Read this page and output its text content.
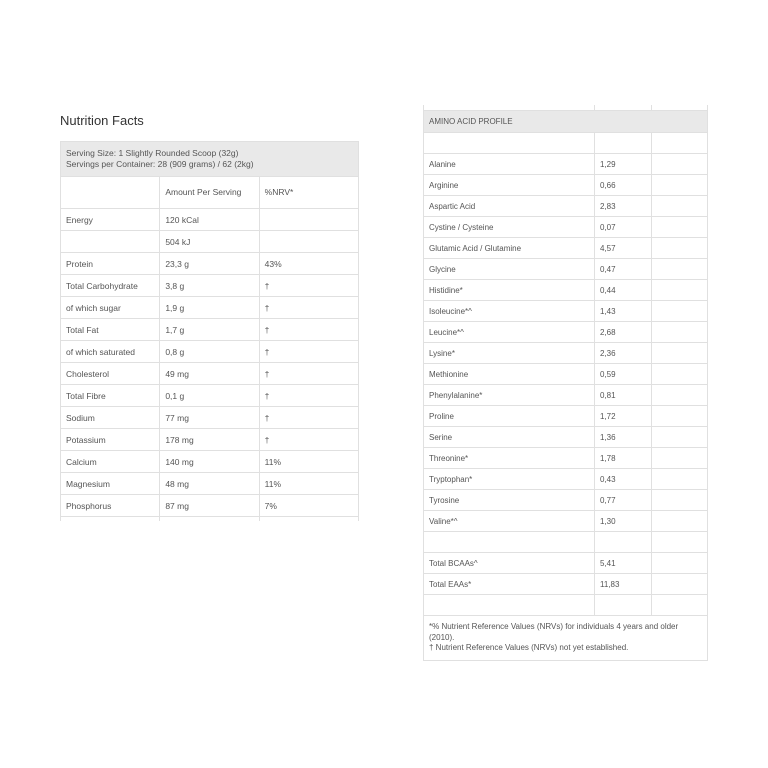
Nutrition Facts
Serving Size: 1 Slightly Rounded Scoop (32g)
Servings per Container: 28 (909 grams) / 62 (2kg)		

	Amount Per Serving	%NRV*
Energy	120 kCal	
	504 kJ	
Protein	23,3 g	43%
Total Carbohydrate	3,8 g	†
of which sugar	1,9 g	†
Total Fat	1,7 g	†
of which saturated	0,8 g	†
Cholesterol	49 mg	†
Total Fibre	0,1 g	†
Sodium	77 mg	†
Potassium	178 mg	†
Calcium	140 mg	11%
Magnesium	48 mg	11%
Phosphorus	87 mg	7%

AMINO ACID PROFILE		

Alanine	1,29	
Arginine	0,66	
Aspartic Acid	2,83	
Cystine / Cysteine	0,07	
Glutamic Acid / Glutamine	4,57	
Glycine	0,47	
Histidine*	0,44	
Isoleucine*^	1,43	
Leucine*^	2,68	
Lysine*	2,36	
Methionine	0,59	
Phenylalanine*	0,81	
Proline	1,72	
Serine	1,36	
Threonine*	1,78	
Tryptophan*	0,43	
Tyrosine	0,77	
Valine*^	1,30	

Total BCAAs^	5,41	
Total EAAs*	11,83	

*% Nutrient Reference Values (NRVs) for individuals 4 years and older (2010).
† Nutrient Reference Values (NRVs) not yet established.		
